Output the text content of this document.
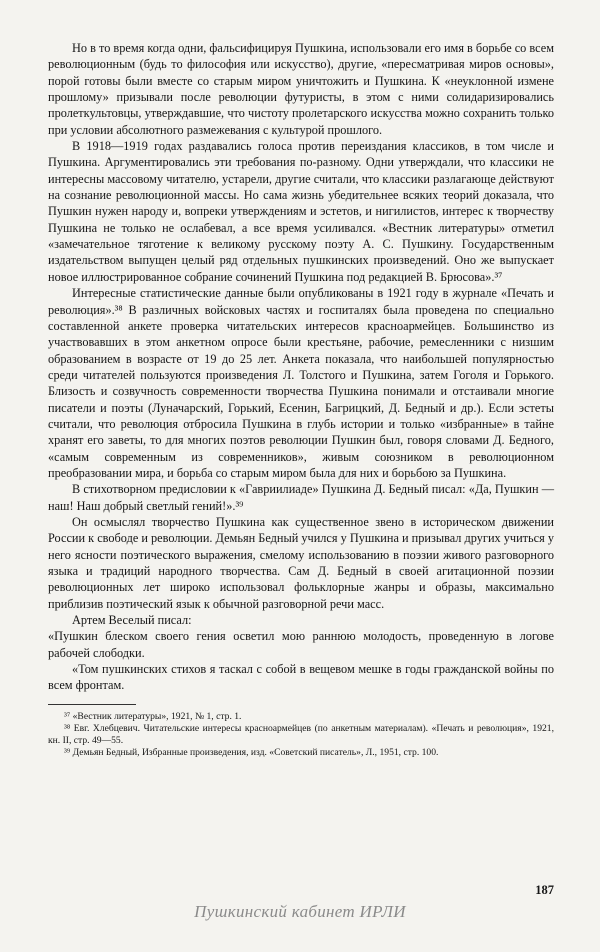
Но в то время когда одни, фальсифицируя Пушкина, использовали его имя в борьбе со всем революционным (будь то философия или искусство), другие, «пересматривая миров основы», порой готовы были вместе со старым миром уничтожить и Пушкина. К «неуклонной измене прошлому» призывали после революции футуристы, в этом с ними солидаризировались пролеткультовцы, утверждавшие, что чистоту пролетарского искусства можно сохранить только при условии абсолютного размежевания с культурой прошлого.

В 1918—1919 годах раздавались голоса против переиздания классиков, в том числе и Пушкина. Аргументировались эти требования по-разному. Одни утверждали, что классики не интересны массовому читателю, устарели, другие считали, что классики разлагающе действуют на сознание революционной массы. Но сама жизнь убедительнее всяких теорий доказала, что Пушкин нужен народу и, вопреки утверждениям и эстетов, и нигилистов, интерес к творчеству Пушкина не только не ослабевал, а все время усиливался. «Вестник литературы» отметил «замечательное тяготение к великому русскому поэту А. С. Пушкину. Государственным издательством выпущен целый ряд отдельных пушкинских произведений. Оно же выпускает новое иллюстрированное собрание сочинений Пушкина под редакцией В. Брюсова».³⁷

Интересные статистические данные были опубликованы в 1921 году в журнале «Печать и революция».³⁸ В различных войсковых частях и госпиталях была проведена по специально составленной анкете проверка читательских интересов красноармейцев. Большинство из участвовавших в этом анкетном опросе были крестьяне, рабочие, ремесленники с низшим образованием в возрасте от 19 до 25 лет. Анкета показала, что наибольшей популярностью среди читателей пользуются произведения Л. Толстого и Пушкина, затем Гоголя и Горького. Близость и созвучность современности творчества Пушкина понимали и отстаивали многие писатели и поэты (Луначарский, Горький, Есенин, Багрицкий, Д. Бедный и др.). Если эстеты считали, что революция отбросила Пушкина в глубь истории и только «избранные» в тайне хранят его заветы, то для многих поэтов революции Пушкин был, говоря словами Д. Бедного, «самым современным из современников», живым союзником в революционном преобразовании мира, и борьба со старым миром была для них и борьбою за Пушкина.

В стихотворном предисловии к «Гавриилиаде» Пушкина Д. Бедный писал: «Да, Пушкин — наш! Наш добрый светлый гений!».³⁹

Он осмыслял творчество Пушкина как существенное звено в историческом движении России к свободе и революции. Демьян Бедный учился у Пушкина и призывал других учиться у него ясности поэтического выражения, смелому использованию в поэзии живого разговорного языка и традиций народного творчества. Сам Д. Бедный в своей агитационной поэзии революционных лет широко использовал фольклорные жанры и образы, максимально приблизив поэтический язык к обычной разговорной речи масс.

Артем Веселый писал:

«Пушкин блеском своего гения осветил мою раннюю молодость, проведенную в логове рабочей слободки.

«Том пушкинских стихов я таскал с собой в вещевом мешке в годы гражданской войны по всем фронтам.

³⁷ «Вестник литературы», 1921, № 1, стр. 1.

³⁸ Евг. Хлебцевич. Читательские интересы красноармейцев (по анкетным материалам). «Печать и революция», 1921, кн. II, стр. 49—55.

³⁹ Демьян Бедный, Избранные произведения, изд. «Советский писатель», Л., 1951, стр. 100.

187
Пушкинский кабинет ИРЛИ
